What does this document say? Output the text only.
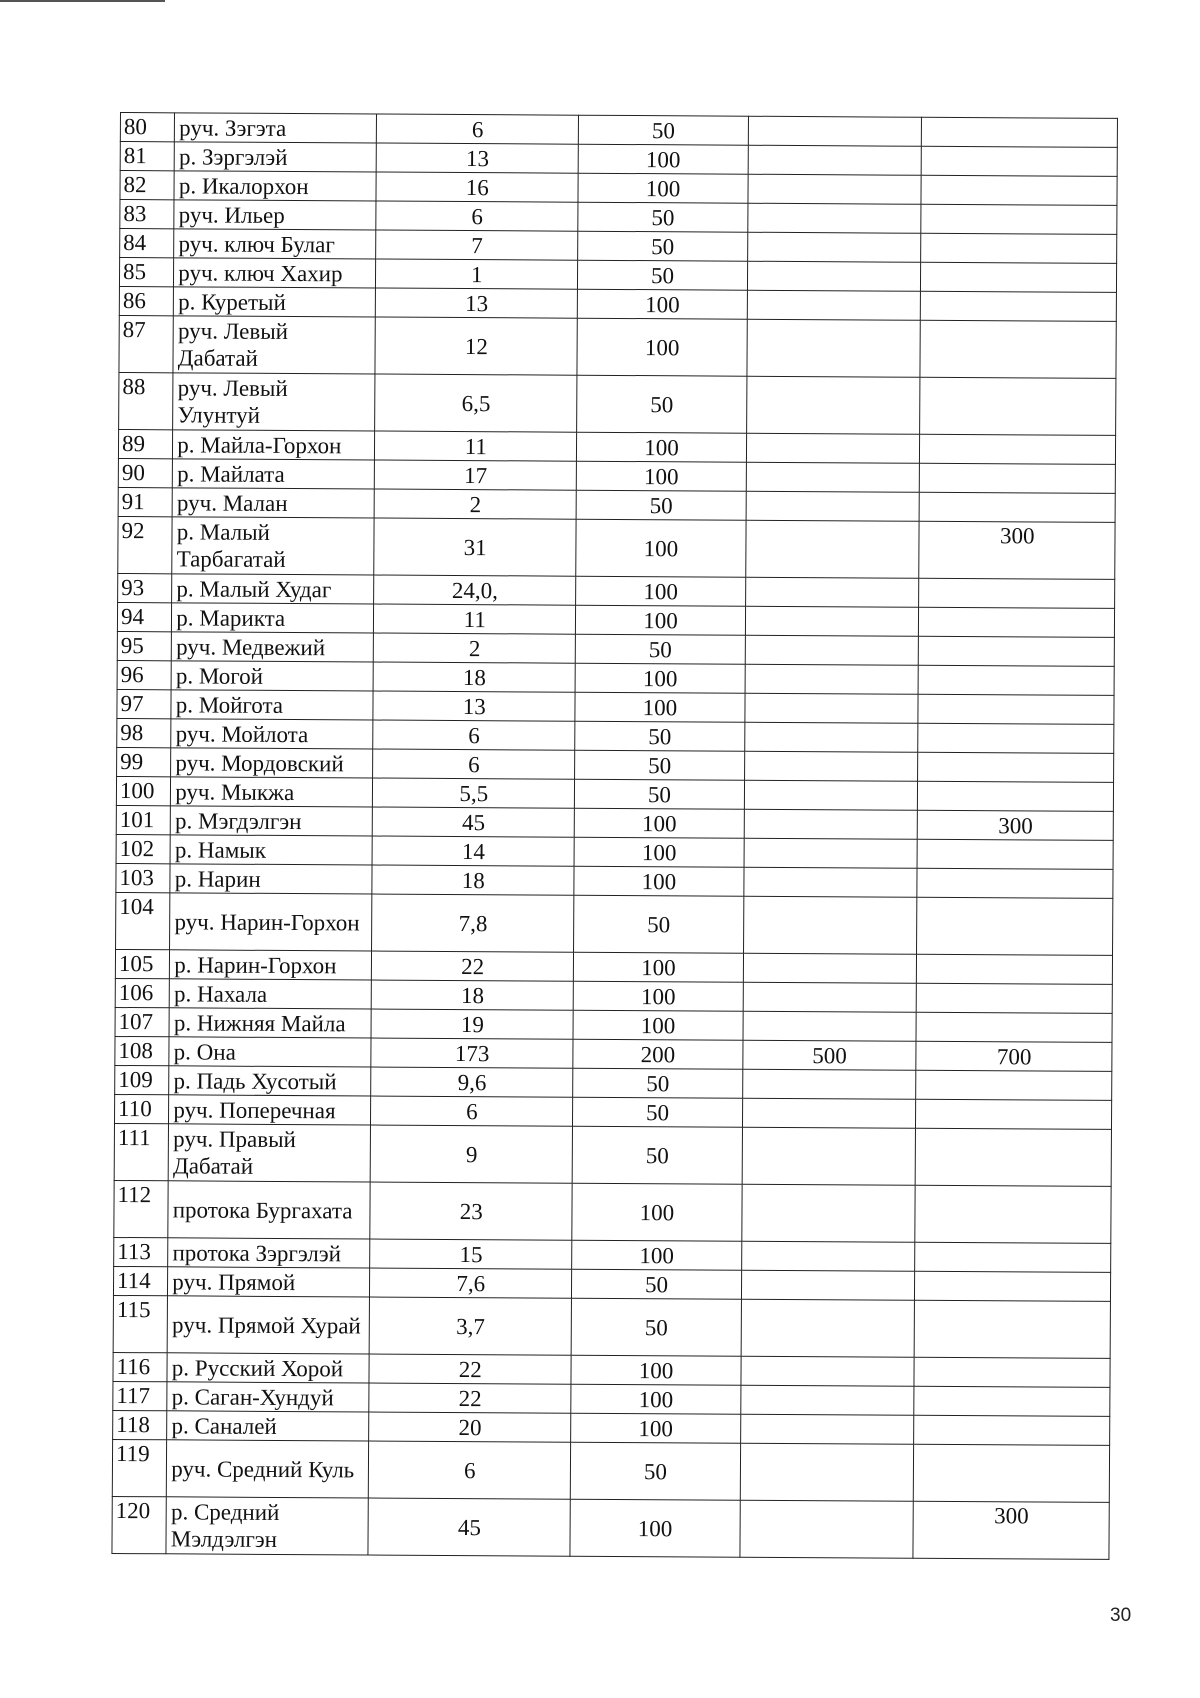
80	руч. Зэгэта	6	50		
81	р. Зэргэлэй	13	100		
82	р. Икалорхон	16	100		
83	руч. Ильер	6	50		
84	руч. ключ Булаг	7	50		
85	руч. ключ Хахир	1	50		
86	р. Куретый	13	100		
87	руч. Левый Дабатай	12	100		
88	руч. Левый Улунтуй	6,5	50		
89	р. Майла-Горхон	11	100		
90	р. Майлата	17	100		
91	руч. Малан	2	50		
92	р. Малый Тарбагатай	31	100		300
93	р. Малый Худаг	24,0,	100		
94	р. Марикта	11	100		
95	руч. Медвежий	2	50		
96	р. Могой	18	100		
97	р. Мойгота	13	100		
98	руч. Мойлота	6	50		
99	руч. Мордовский	6	50		
100	руч. Мыкжа	5,5	50		
101	р. Мэгдэлгэн	45	100		300
102	р. Намык	14	100		
103	р. Нарин	18	100		
104	руч. Нарин-Горхон	7,8	50		
105	р. Нарин-Горхон	22	100		
106	р. Нахала	18	100		
107	р. Нижняя Майла	19	100		
108	р. Она	173	200	500	700
109	р. Падь Хусотый	9,6	50		
110	руч. Поперечная	6	50		
111	руч. Правый Дабатай	9	50		
112	протока Бургахата	23	100		
113	протока Зэргэлэй	15	100		
114	руч. Прямой	7,6	50		
115	руч. Прямой Хурай	3,7	50		
116	р. Русский Хорой	22	100		
117	р. Саган-Хундуй	22	100		
118	р. Саналей	20	100		
119	руч. Средний Куль	6	50		
120	р. Средний Мэлдэлгэн	45	100		300
30
